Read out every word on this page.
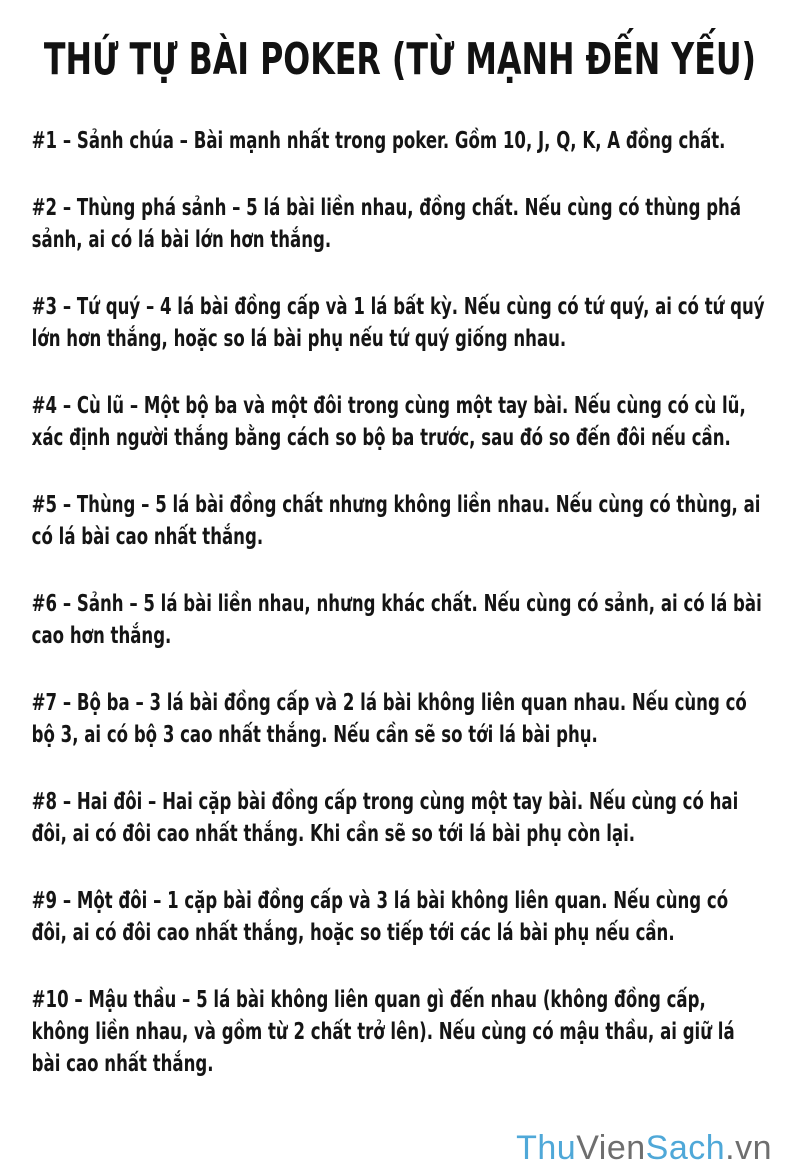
THỨ TỰ BÀI POKER (TỪ MẠNH ĐẾN YẾU)

#1 – Sảnh chúa – Bài mạnh nhất trong poker. Gồm 10, J, Q, K, A đồng chất.

#2 – Thùng phá sảnh – 5 lá bài liền nhau, đồng chất. Nếu cùng có thùng phá sảnh, ai có lá bài lớn hơn thắng.

#3 – Tứ quý – 4 lá bài đồng cấp và 1 lá bất kỳ. Nếu cùng có tứ quý, ai có tứ quý lớn hơn thắng, hoặc so lá bài phụ nếu tứ quý giống nhau.

#4 – Cù lũ – Một bộ ba và một đôi trong cùng một tay bài. Nếu cùng có cù lũ, xác định người thắng bằng cách so bộ ba trước, sau đó so đến đôi nếu cần.

#5 – Thùng – 5 lá bài đồng chất nhưng không liền nhau. Nếu cùng có thùng, ai có lá bài cao nhất thắng.

#6 – Sảnh – 5 lá bài liền nhau, nhưng khác chất. Nếu cùng có sảnh, ai có lá bài cao hơn thắng.

#7 – Bộ ba – 3 lá bài đồng cấp và 2 lá bài không liên quan nhau. Nếu cùng có bộ 3, ai có bộ 3 cao nhất thắng. Nếu cần sẽ so tới lá bài phụ.

#8 – Hai đôi – Hai cặp bài đồng cấp trong cùng một tay bài. Nếu cùng có hai đôi, ai có đôi cao nhất thắng. Khi cần sẽ so tới lá bài phụ còn lại.

#9 – Một đôi – 1 cặp bài đồng cấp và 3 lá bài không liên quan. Nếu cùng có đôi, ai có đôi cao nhất thắng, hoặc so tiếp tới các lá bài phụ nếu cần.

#10 – Mậu thầu – 5 lá bài không liên quan gì đến nhau (không đồng cấp, không liền nhau, và gồm từ 2 chất trở lên). Nếu cùng có mậu thầu, ai giữ lá bài cao nhất thắng.

ThuVienSach.vn
